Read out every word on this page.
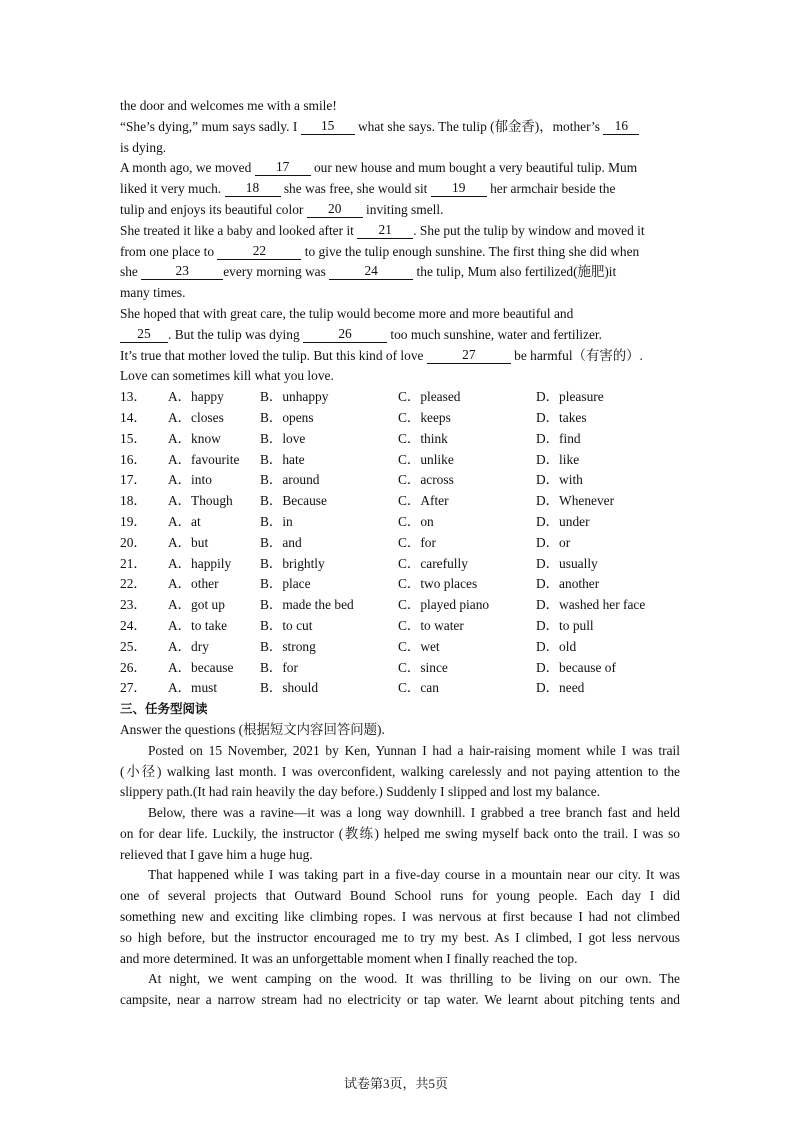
the door and welcomes me with a smile!
“She’s dying,” mum says sadly. I 15 what she says. The tulip (郁金香)，mother’s 16
is dying.
A month ago, we moved 17 our new house and mum bought a very beautiful tulip. Mum
liked it very much. 18 she was free, she would sit 19 her armchair beside the
tulip and enjoys its beautiful color 20 inviting smell.
She treated it like a baby and looked after it 21 . She put the tulip by window and moved it
from one place to	22	to give the tulip enough sunshine. The first thing she did when
she	23	every morning was	24	the tulip, Mum also fertilized(施肥)it
many times.
She hoped that with great care, the tulip would become more and more beautiful and
25 . But the tulip was dying	26	too much sunshine, water and fertilizer.
It’s true that mother loved the tulip. But this kind of love	27	be harmful（有害的）.
Love can sometimes kill what you love.
13．	A．happy	B．unhappy	C．pleased	D．pleasure
14．	A．closes	B．opens	C．keeps	D．takes
15．	A．know	B．love	C．think	D．find
16．	A．favourite	B．hate	C．unlike	D．like
17．	A．into	B．around	C．across	D．with
18．	A．Though	B．Because	C．After	D．Whenever
19．	A．at	B．in	C．on	D．under
20．	A．but	B．and	C．for	D．or
21．	A．happily	B．brightly	C．carefully	D．usually
22．	A．other	B．place	C．two places	D．another
23．	A．got up	B．made the bed	C．played piano	D．washed her face
24．	A．to take	B．to cut	C．to water	D．to pull
25．	A．dry	B．strong	C．wet	D．old
26．	A．because	B．for	C．since	D．because of
27．	A．must	B．should	C．can	D．need
三、任务型阅读
Answer the questions (根据短文内容回答问题).
Posted on 15 November, 2021 by Ken, Yunnan I had a hair-raising moment while I was trail
(小径) walking last month. I was overconfident, walking carelessly and not paying attention to the
slippery path.(It had rain heavily the day before.) Suddenly I slipped and lost my balance.
Below, there was a ravine—it was a long way downhill. I grabbed a tree branch fast and held
on for dear life. Luckily, the instructor (教练) helped me swing myself back onto the trail. I was so
relieved that I gave him a huge hug.
That happened while I was taking part in a five-day course in a mountain near our city. It was
one of several projects that Outward Bound School runs for young people. Each day I did
something new and exciting like climbing ropes. I was nervous at first because I had not climbed
so high before, but the instructor encouraged me to try my best. As I climbed, I got less nervous
and more determined. It was an unforgettable moment when I finally reached the top.
At night, we went camping on the wood. It was thrilling to be living on our own. The
campsite, near a narrow stream had no electricity or tap water. We learnt about pitching tents and
试卷第3页，共5页
